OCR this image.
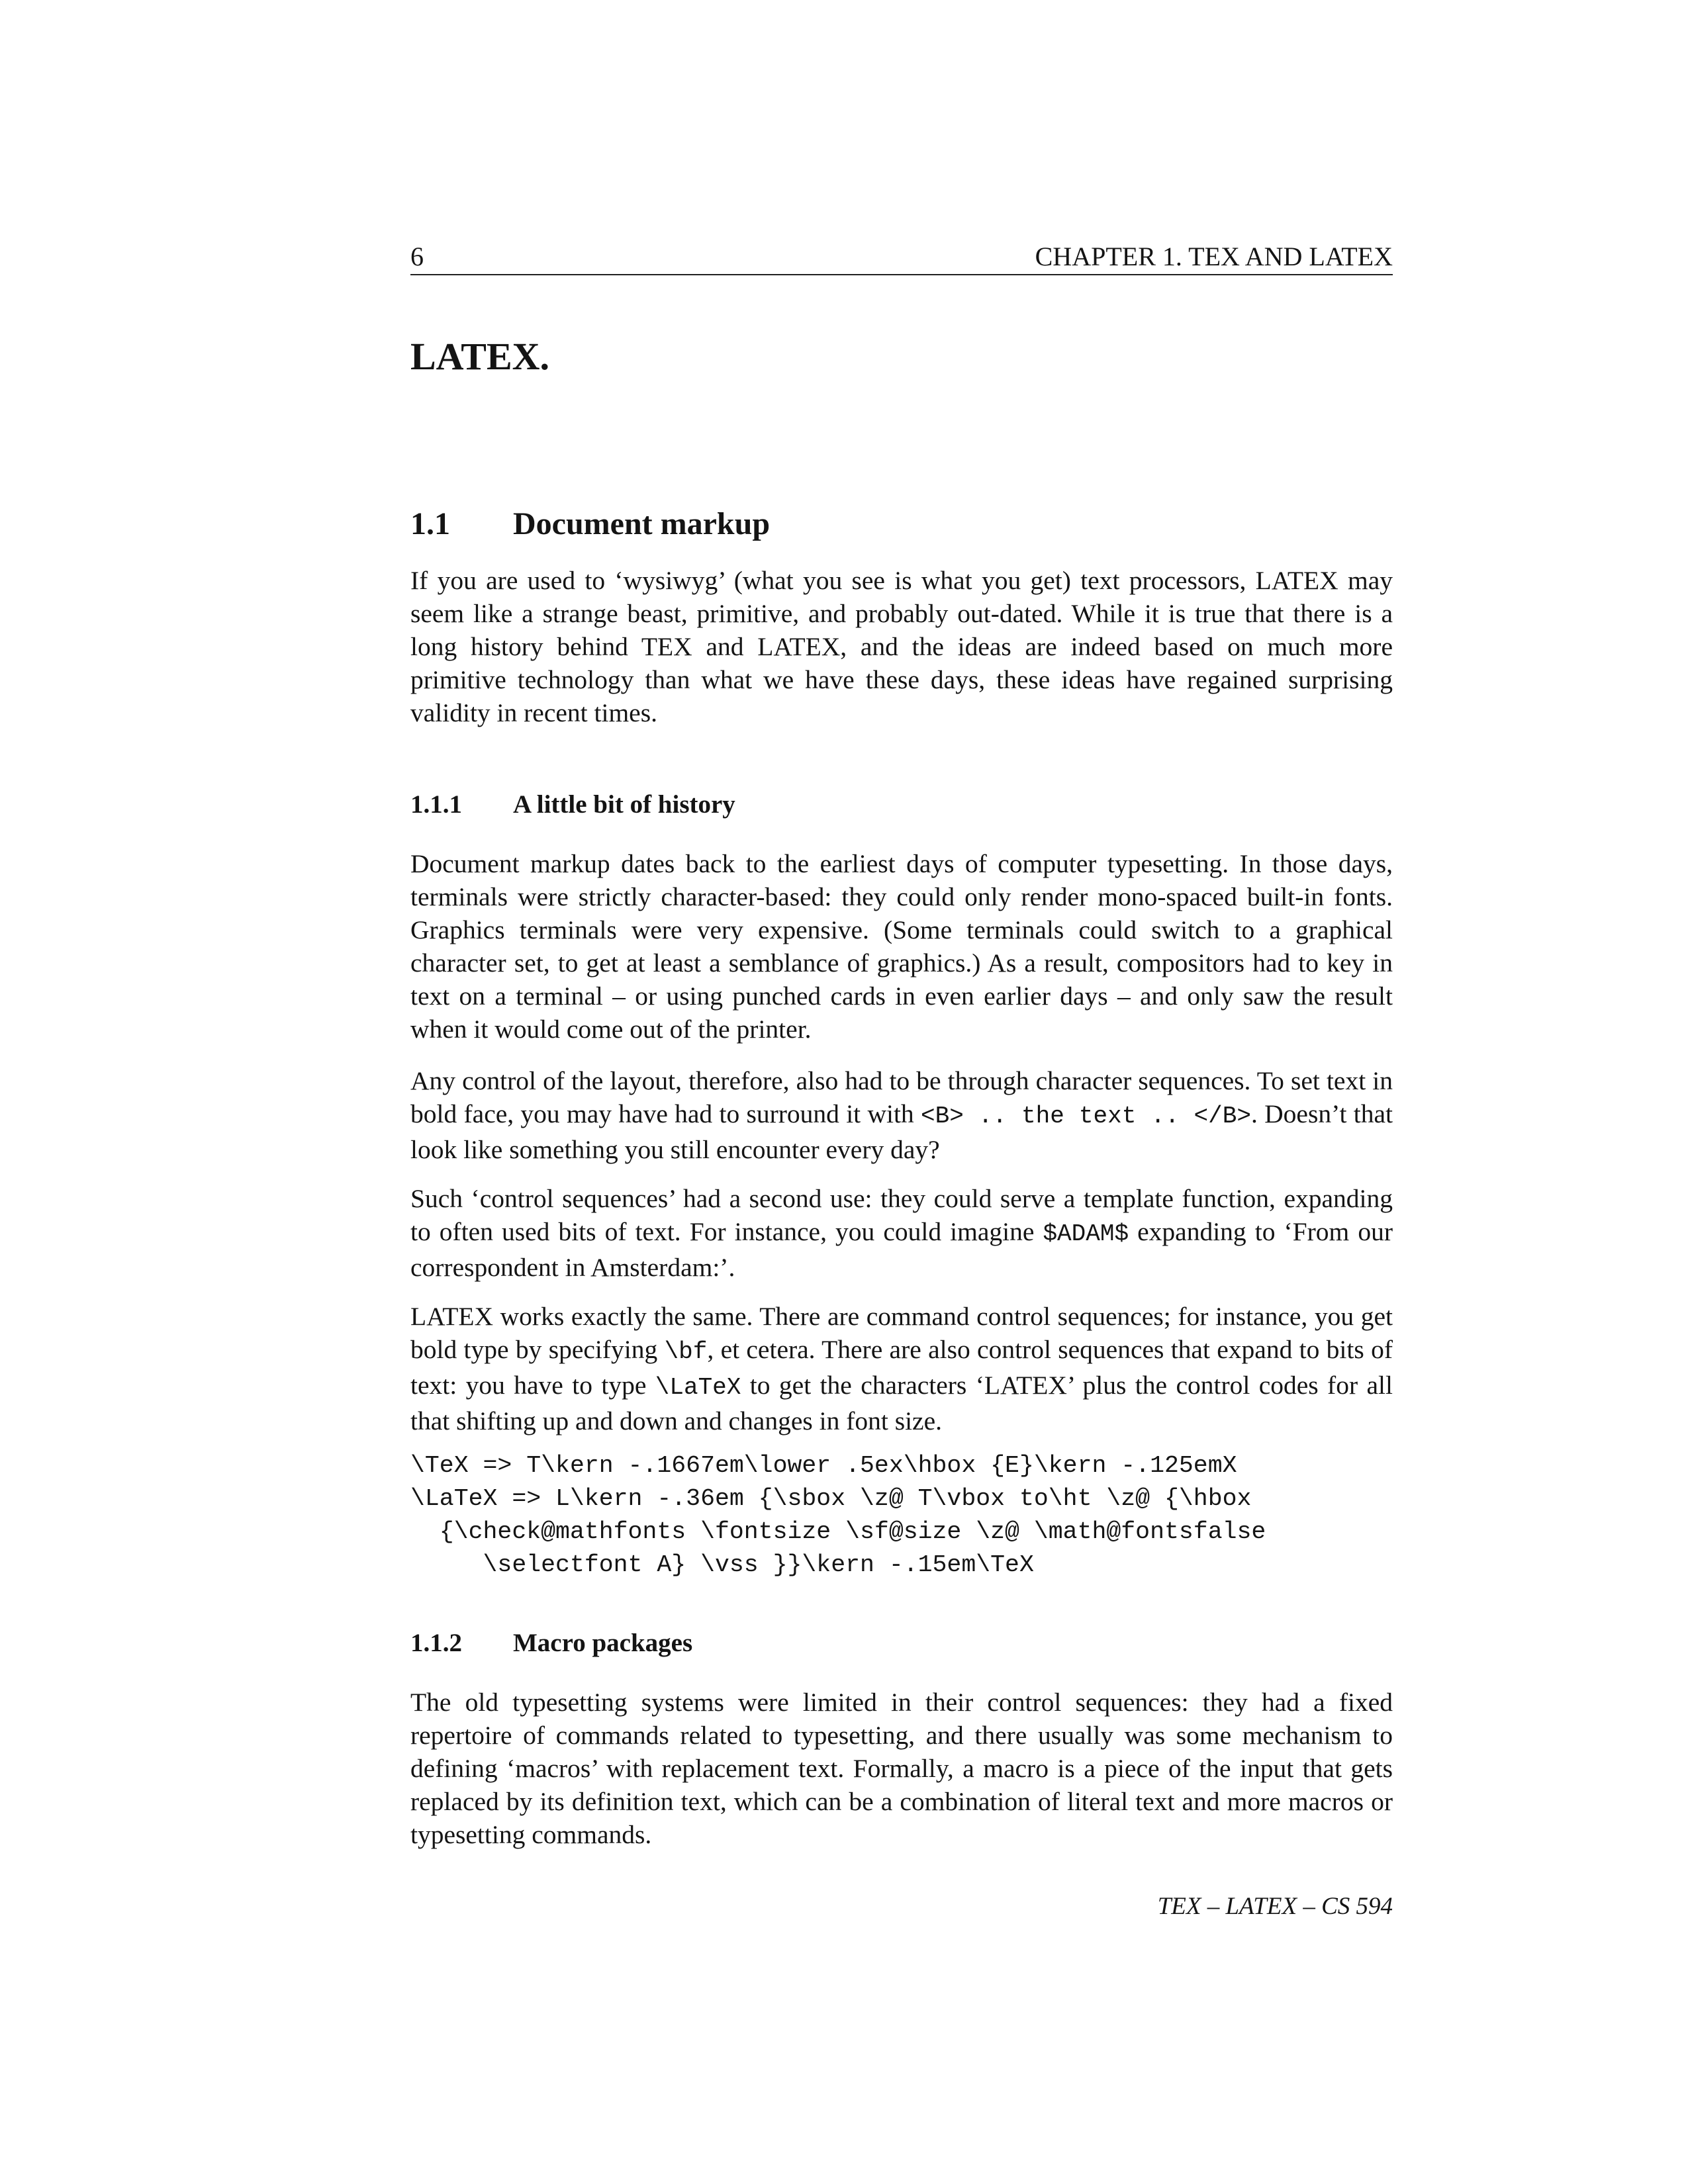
6	CHAPTER 1. TEX AND LATEX
LATEX.
1.1 Document markup

If you are used to ‘wysiwyg’ (what you see is what you get) text processors, LATEX may seem like a strange beast, primitive, and probably out-dated. While it is true that there is a long history behind TEX and LATEX, and the ideas are indeed based on much more primitive technology than what we have these days, these ideas have regained surprising validity in recent times.

1.1.1 A little bit of history

Document markup dates back to the earliest days of computer typesetting. In those days, terminals were strictly character-based: they could only render mono-spaced built-in fonts. Graphics terminals were very expensive. (Some terminals could switch to a graphical character set, to get at least a semblance of graphics.) As a result, compositors had to key in text on a terminal – or using punched cards in even earlier days – and only saw the result when it would come out of the printer.

Any control of the layout, therefore, also had to be through character sequences. To set text in bold face, you may have had to surround it with <B> .. the text .. </B>. Doesn’t that look like something you still encounter every day?

Such ‘control sequences’ had a second use: they could serve a template function, expanding to often used bits of text. For instance, you could imagine $ADAM$ expanding to ‘From our correspondent in Amsterdam:’.

LATEX works exactly the same. There are command control sequences; for instance, you get bold type by specifying \bf, et cetera. There are also control sequences that expand to bits of text: you have to type \LaTeX to get the characters ‘LATEX’ plus the control codes for all that shifting up and down and changes in font size.

\TeX => T\kern -.1667em\lower .5ex\hbox {E}\kern -.125emX
\LaTeX => L\kern -.36em {\sbox \z@ T\vbox to\ht \z@ {\hbox
{\check@mathfonts \fontsize \sf@size \z@ \math@fontsfalse
\selectfont A} \vss }}\kern -.15em\TeX
1.1.2 Macro packages

The old typesetting systems were limited in their control sequences: they had a fixed repertoire of commands related to typesetting, and there usually was some mechanism to defining ‘macros’ with replacement text. Formally, a macro is a piece of the input that gets replaced by its definition text, which can be a combination of literal text and more macros or typesetting commands.

TEX – LATEX – CS 594
